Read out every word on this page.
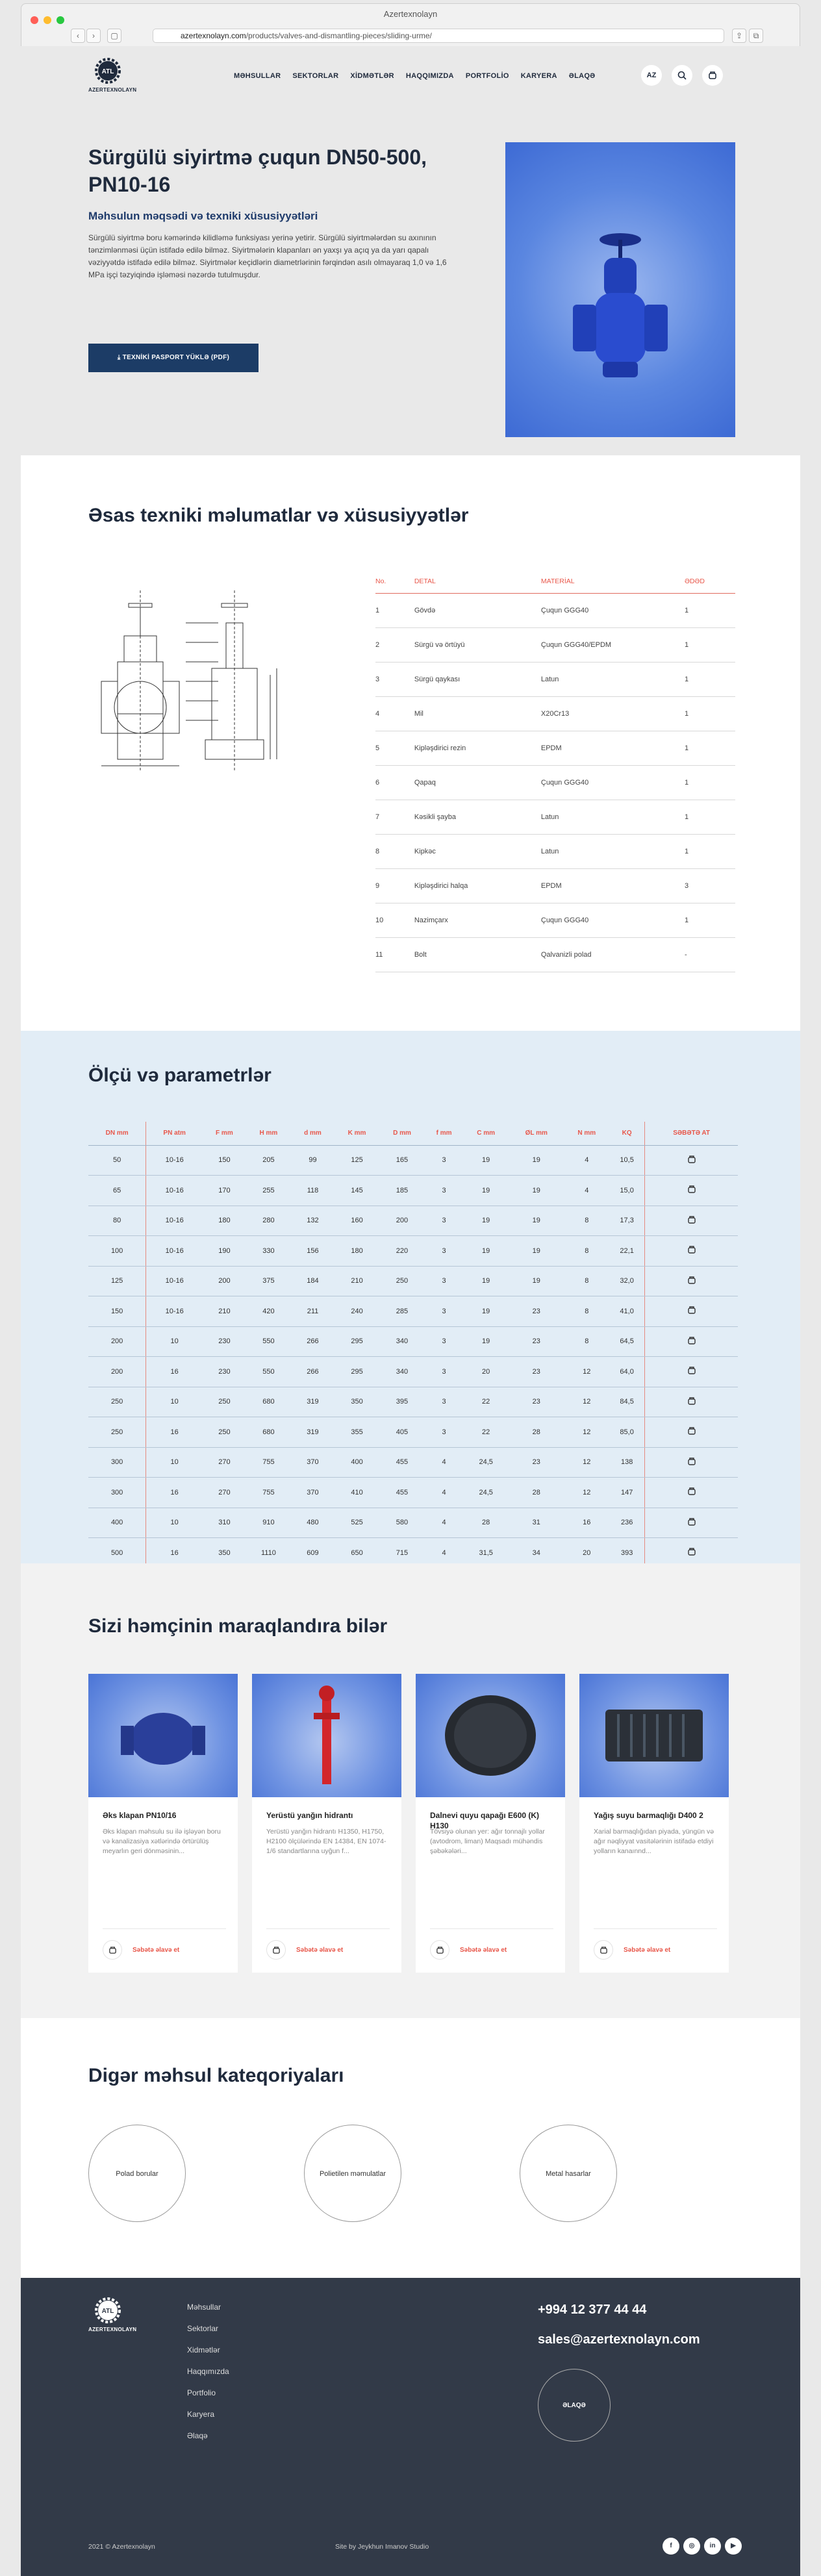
Azertexnolayn
‹	›	▢	azertexnolayn.com/products/valves-and-dismantling-pieces/sliding-urme/	⇪	⧉
ATL
AZERTEXNOLAYN
MƏHSULLAR SEKTORLAR XİDMƏTLƏR HAQQIMIZDA PORTFOLİO KARYERA ƏLAQƏ	AZ
Sürgülü siyirtmə çuqun DN50-500, PN10-16
Məhsulun məqsədi və texniki xüsusiyyətləri
Sürgülü siyirtmə boru kəmərində kilidləmə funksiyası yerinə yetirir. Sürgülü siyirtmələrdən su axınının tənzimlənməsi üçün istifadə edilə bilməz. Siyirtmələrin klapanları ən yaxşı ya açıq ya da yarı qapalı vəziyyətdə istifadə edilə bilməz. Siyirtmələr keçidlərin diametrlərinin fərqindən asılı olmayaraq 1,0 və 1,6 MPa işçi təzyiqində işləməsi nəzərdə tutulmuşdur.
⤓ TEXNİKİ PASPORT YÜKLƏ (PDF)
Əsas texniki məlumatlar və xüsusiyyətlər
No.	DETAL	MATERİAL	ƏDƏD
1	Gövdə	Çuqun GGG40	1
2	Sürgü və örtüyü	Çuqun GGG40/EPDM	1
3	Sürgü qaykası	Latun	1
4	Mil	X20Cr13	1
5	Kipləşdirici rezin	EPDM	1
6	Qapaq	Çuqun GGG40	1
7	Kəsikli şayba	Latun	1
8	Kipkəc	Latun	1
9	Kipləşdirici halqa	EPDM	3
10	Nazimçarx	Çuqun GGG40	1
11	Bolt	Qalvanizli polad	-
Ölçü və parametrlər
DN mm	PN atm	F mm	H mm	d mm	K mm	D mm	f mm	C mm	ØL mm	N mm	KQ	SƏBƏTƏ AT
50	10-16	150	205	99	125	165	3	19	19	4	10,5	
65	10-16	170	255	118	145	185	3	19	19	4	15,0	
80	10-16	180	280	132	160	200	3	19	19	8	17,3	
100	10-16	190	330	156	180	220	3	19	19	8	22,1	
125	10-16	200	375	184	210	250	3	19	19	8	32,0	
150	10-16	210	420	211	240	285	3	19	23	8	41,0	
200	10	230	550	266	295	340	3	19	23	8	64,5	
200	16	230	550	266	295	340	3	20	23	12	64,0	
250	10	250	680	319	350	395	3	22	23	12	84,5	
250	16	250	680	319	355	405	3	22	28	12	85,0	
300	10	270	755	370	400	455	4	24,5	23	12	138	
300	16	270	755	370	410	455	4	24,5	28	12	147	
400	10	310	910	480	525	580	4	28	31	16	236	
500	16	350	1110	609	650	715	4	31,5	34	20	393	
Sizi həmçinin maraqlandıra bilər
Əks klapan PN10/16
Əks klapan məhsulu su ilə işləyən boru və kanalizasiya xətlərində örtürülüş meyarlın geri dönməsinin...
Səbətə əlavə et
Yerüstü yanğın hidrantı
Yerüstü yanğın hidrantı H1350, H1750, H2100 ölçülərində EN 14384, EN 1074-1/6 standartlarına uyğun f...
Səbətə əlavə et
Dalnevi quyu qapağı E600 (K) H130
Tövsiyə olunan yer: ağır tonnajlı yollar (avtodrom, liman) Maqsadı mühəndis şəbəkələri...
Səbətə əlavə et
Yağış suyu barmaqlığı D400 2
Xarial barmaqlığıdan piyada, yüngün və ağır nəqliyyat vasitələrinin istifadə etdiyi yolların kanaınnd...
Səbətə əlavə et
Digər məhsul kateqoriyaları
Polad borular	Polietilen məmulatlar	Metal hasarlar
ATL
AZERTEXNOLAYN
Məhsullar
Sektorlar
Xidmətlər
Haqqımızda
Portfolio
Karyera
Əlaqə
+994 12 377 44 44
sales@azertexnolayn.com
ƏLAQƏ
2021 © Azertexnolayn	Site by Jeykhun Imanov Studio	f	◎	in	▶
